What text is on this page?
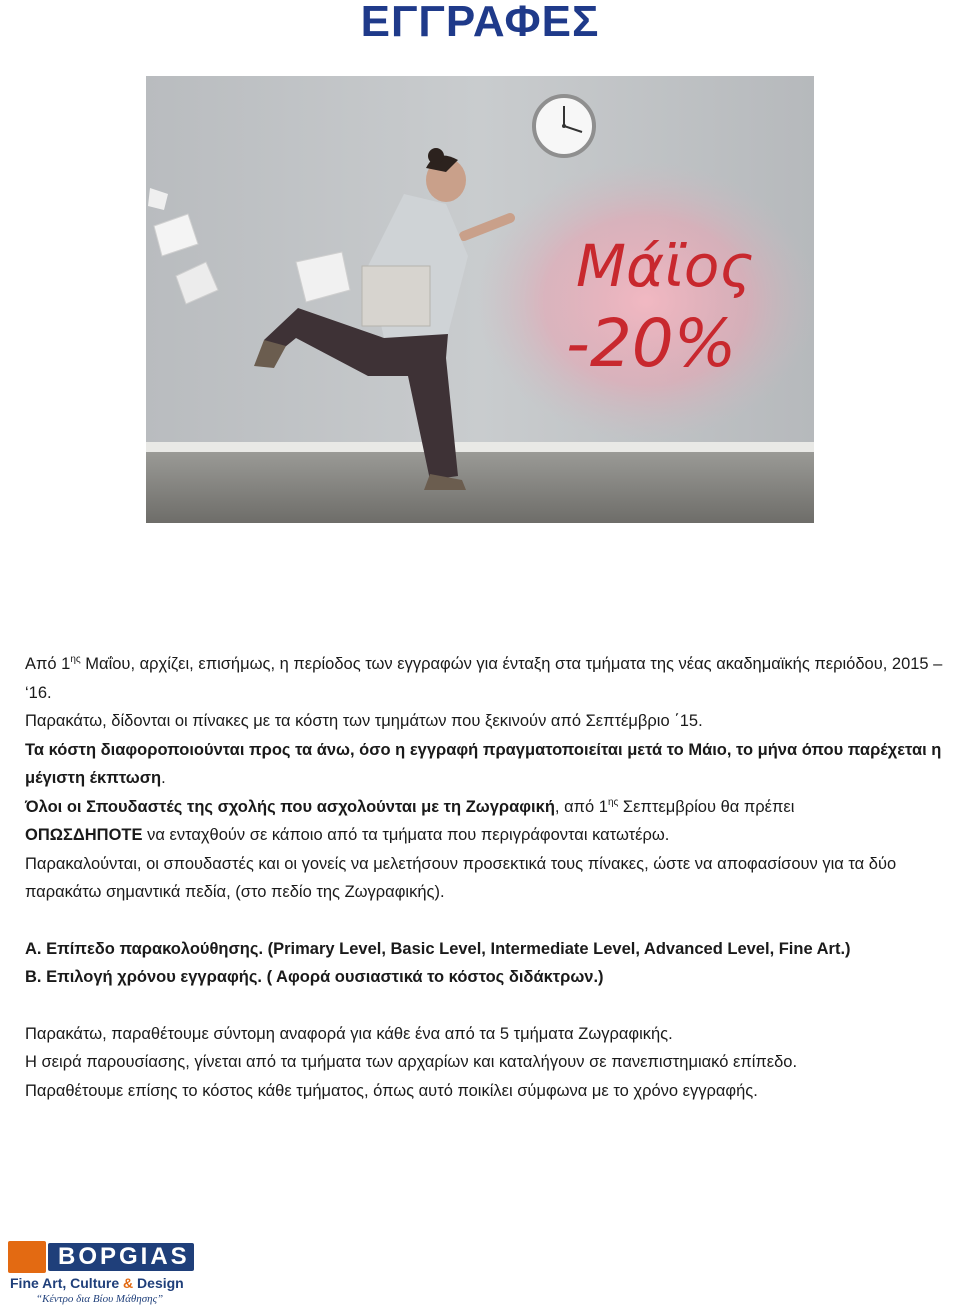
ΕΓΓΡΑΦΕΣ
Μάϊος
-20%

Από $1^{\eta\varsigma}$ Μαΐου, αρχίζει, επισήμως, η περίοδος των εγγραφών για ένταξη στα τμήματα της νέας ακαδημαϊκής περιόδου, 2015 – ‘16.

Παρακάτω, δίδονται οι πίνακες με τα κόστη των τμημάτων που ξεκινούν από Σεπτέμβριο ΄15.

Τα κόστη διαφοροποιούνται προς τα άνω, όσο η εγγραφή πραγματοποιείται μετά το Μάιο, το μήνα όπου παρέχεται η μέγιστη έκπτωση.

Όλοι οι Σπουδαστές της σχολής που ασχολούνται με τη Ζωγραφική, από $1^{\eta\varsigma}$ Σεπτεμβρίου θα πρέπει
ΟΠΩΣΔΗΠΟΤΕ να ενταχθούν σε κάποιο από τα τμήματα που περιγράφονται κατωτέρω.

Παρακαλούνται, οι σπουδαστές και οι γονείς να μελετήσουν προσεκτικά τους πίνακες, ώστε να αποφασίσουν για τα δύο παρακάτω σημαντικά πεδία, (στο πεδίο της Ζωγραφικής).

Α. Επίπεδο παρακολούθησης. (Primary Level, Basic Level, Intermediate Level, Advanced Level, Fine Art.)

Β. Επιλογή χρόνου εγγραφής. ( Αφορά ουσιαστικά το κόστος διδάκτρων.)

Παρακάτω, παραθέτουμε σύντομη αναφορά για κάθε ένα από τα 5 τμήματα Ζωγραφικής.

Η σειρά παρουσίασης, γίνεται από τα τμήματα των αρχαρίων και καταλήγουν σε πανεπιστημιακό επίπεδο.

Παραθέτουμε επίσης το κόστος κάθε τμήματος, όπως αυτό ποικίλει σύμφωνα με το χρόνο εγγραφής.

BOPGIAS
Fine Art, Culture & Design
“Κέντρο δια Βίου Μάθησης”
